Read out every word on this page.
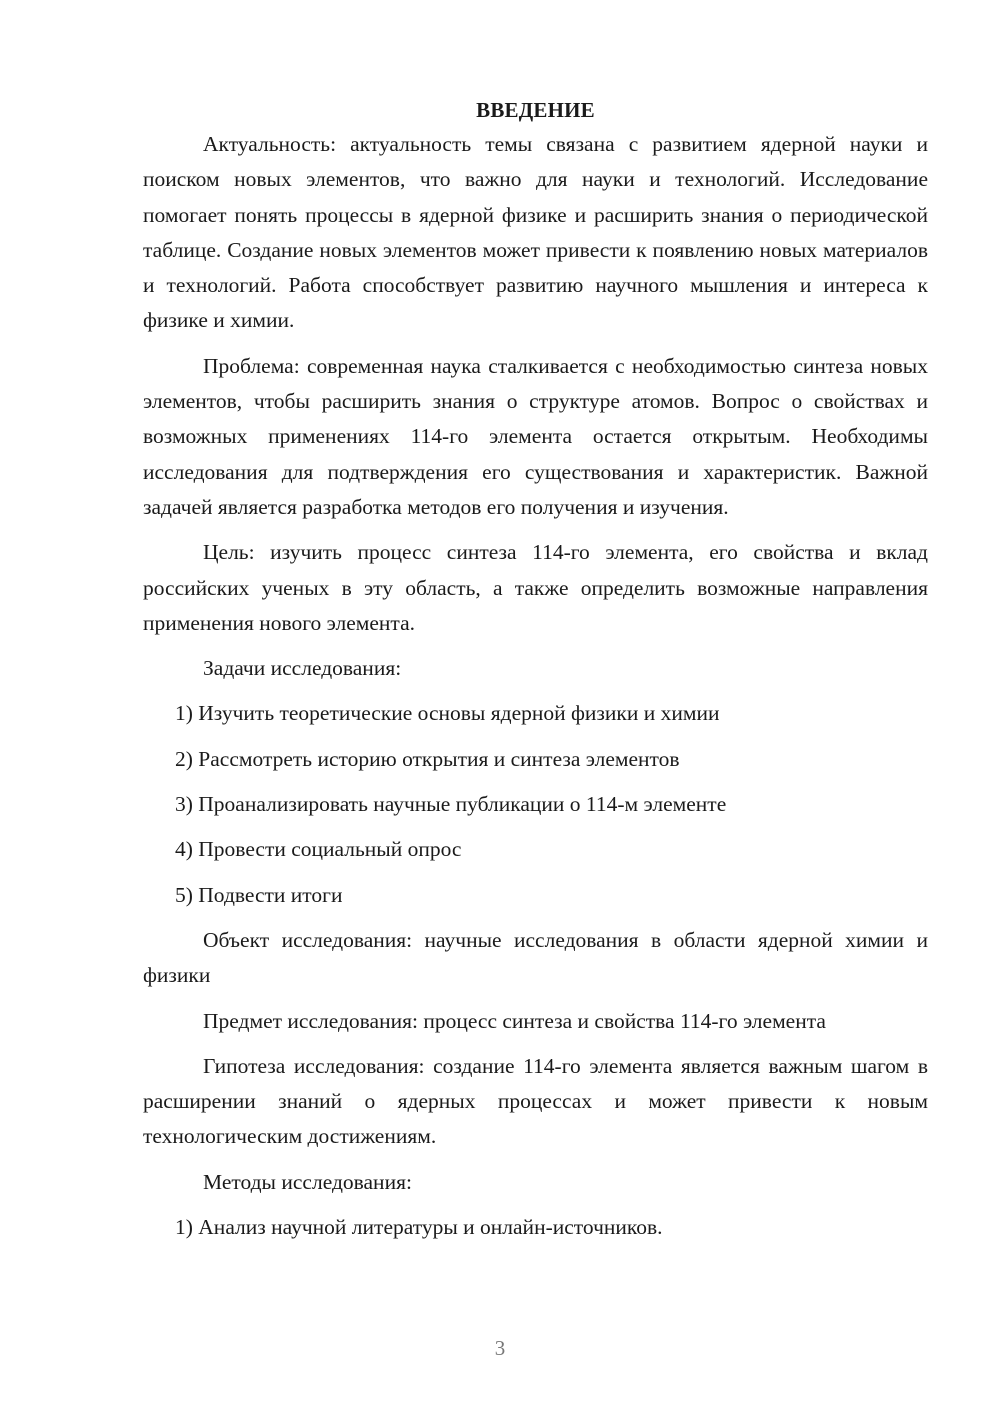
ВВЕДЕНИЕ

Актуальность: актуальность темы связана с развитием ядерной науки и поиском новых элементов, что важно для науки и технологий. Исследование помогает понять процессы в ядерной физике и расширить знания о периодической таблице. Создание новых элементов может привести к появлению новых материалов и технологий. Работа способствует развитию научного мышления и интереса к физике и химии.

Проблема: современная наука сталкивается с необходимостью синтеза новых элементов, чтобы расширить знания о структуре атомов. Вопрос о свойствах и возможных применениях 114-го элемента остается открытым. Необходимы исследования для подтверждения его существования и характеристик. Важной задачей является разработка методов его получения и изучения.

Цель: изучить процесс синтеза 114-го элемента, его свойства и вклад российских ученых в эту область, а также определить возможные направления применения нового элемента.

Задачи исследования:

1) Изучить теоретические основы ядерной физики и химии
2) Рассмотреть историю открытия и синтеза элементов
3) Проанализировать научные публикации о 114-м элементе
4) Провести социальный опрос
5) Подвести итоги

Объект исследования: научные исследования в области ядерной химии и физики

Предмет исследования: процесс синтеза и свойства 114-го элемента

Гипотеза исследования: создание 114-го элемента является важным шагом в расширении знаний о ядерных процессах и может привести к новым технологическим достижениям.

Методы исследования:

1) Анализ научной литературы и онлайн-источников.
3
